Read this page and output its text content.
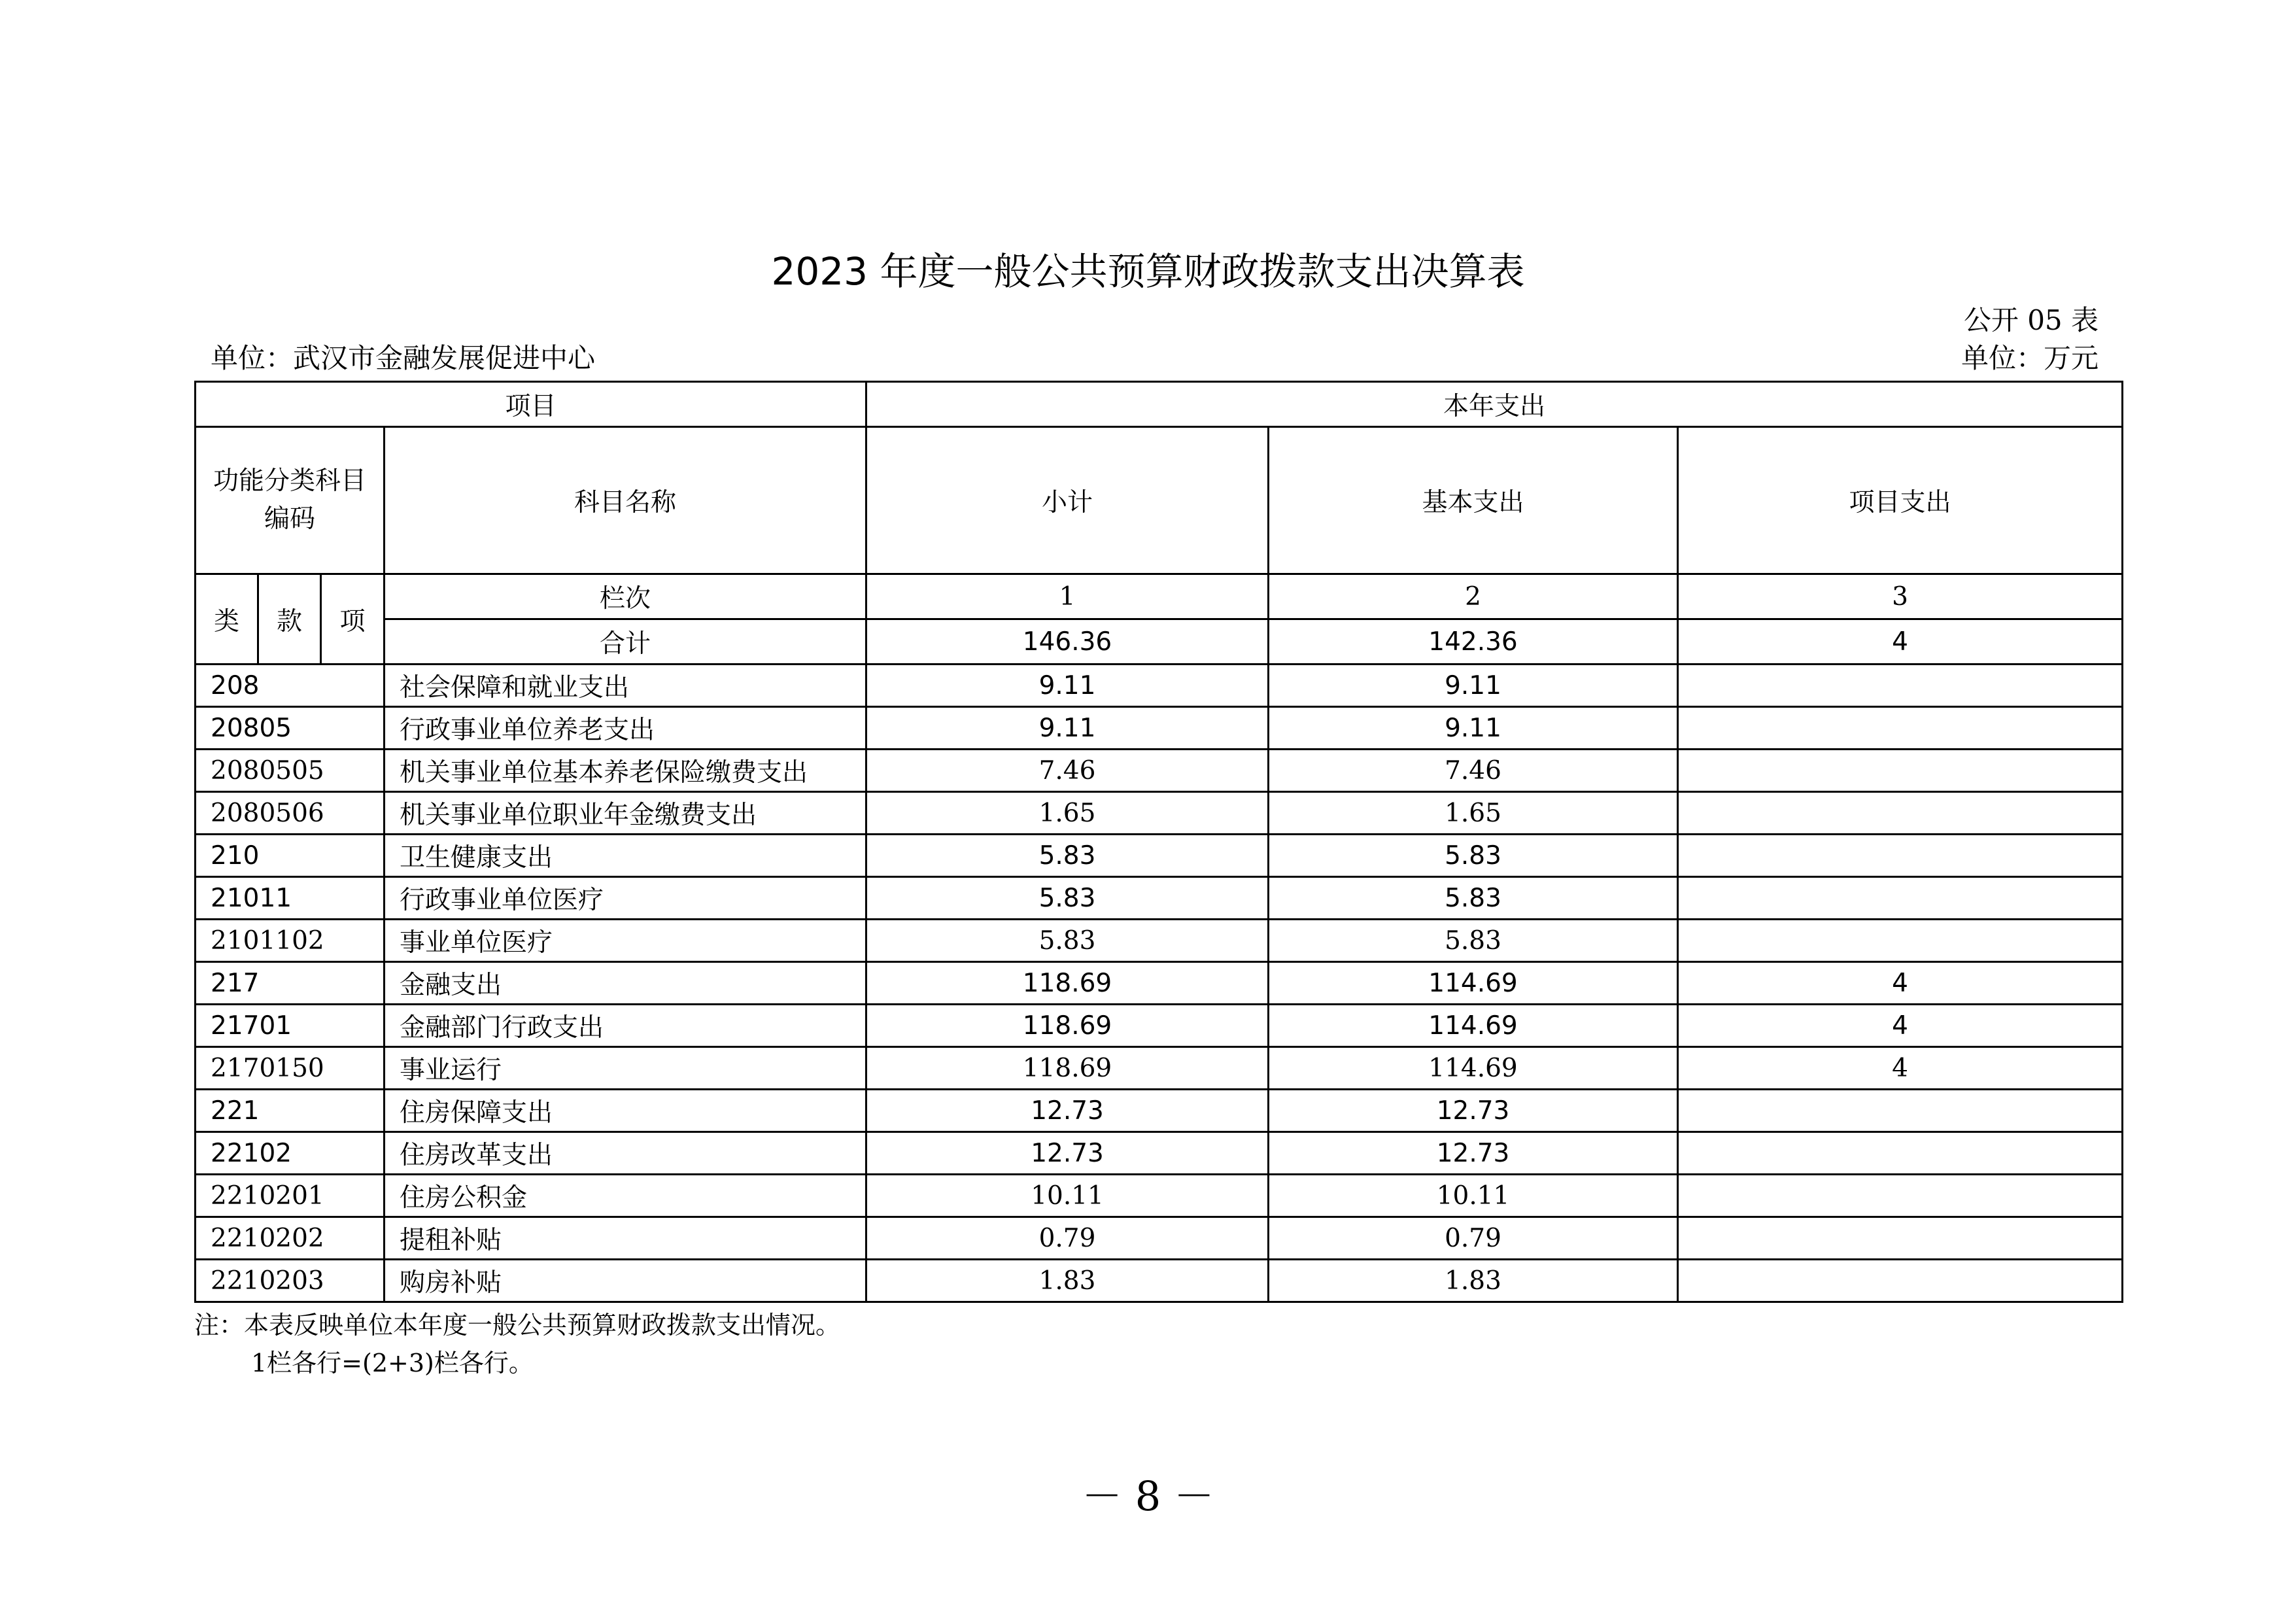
2023 年度一般公共预算财政拨款支出决算表
公开 05 表
单位：武汉市金融发展促进中心	单位：万元
项目				本年支出		
功能分类科目编码			科目名称	小计	基本支出	项目支出
类	款	项	栏次	1	2	3
			合计	146.36	142.36	4
208			社会保障和就业支出	9.11	9.11	
20805			行政事业单位养老支出	9.11	9.11	
2080505			机关事业单位基本养老保险缴费支出	7.46	7.46	
2080506			机关事业单位职业年金缴费支出	1.65	1.65	
210			卫生健康支出	5.83	5.83	
21011			行政事业单位医疗	5.83	5.83	
2101102			事业单位医疗	5.83	5.83	
217			金融支出	118.69	114.69	4
21701			金融部门行政支出	118.69	114.69	4
2170150			事业运行	118.69	114.69	4
221			住房保障支出	12.73	12.73	
22102			住房改革支出	12.73	12.73	
2210201			住房公积金	10.11	10.11	
2210202			提租补贴	0.79	0.79	
2210203			购房补贴	1.83	1.83	
注：本表反映单位本年度一般公共预算财政拨款支出情况。
1栏各行=(2+3)栏各行。
－ 8 －
